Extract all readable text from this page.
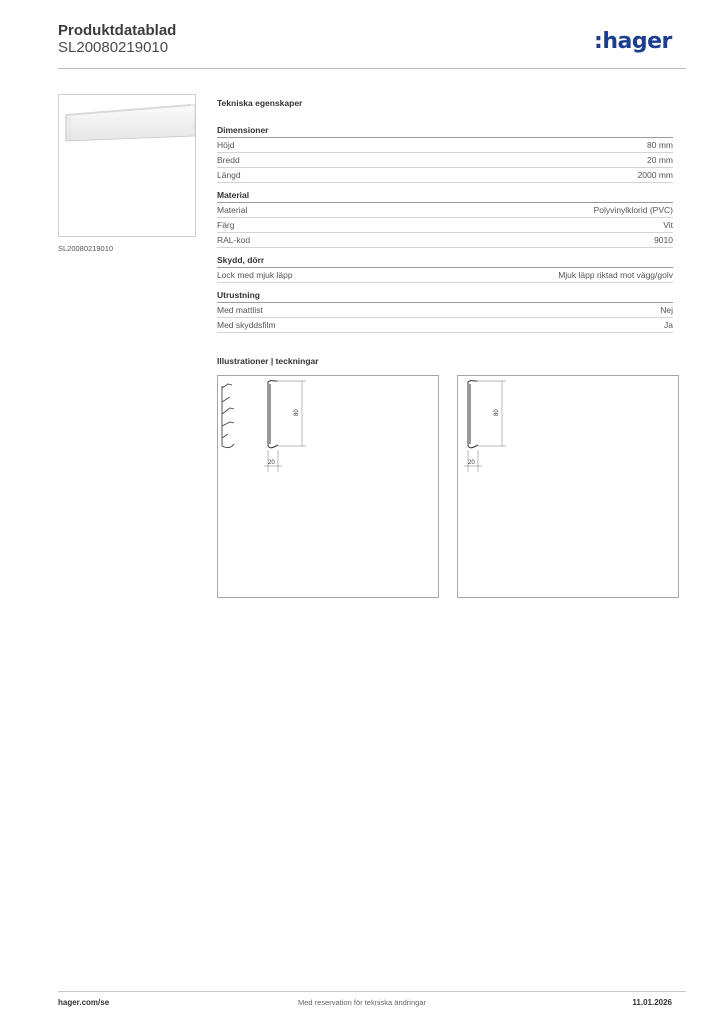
Produktdatablad
SL20080219010	:hager
SL20080219010
Tekniska egenskaper
Dimensioner
Höjd	80 mm
Bredd	20 mm
Längd	2000 mm
Material
Material	Polyvinylklorid (PVC)
Färg	Vit
RAL-kod	9010
Skydd, dörr
Lock med mjuk läpp	Mjuk läpp riktad mot vägg/golv
Utrustning
Med mattlist	Nej
Med skyddsfilm	Ja
Illustrationer | teckningar
80
20
80
20
hager.com/se	Med reservation för tekniska ändringar	11.01.2026
